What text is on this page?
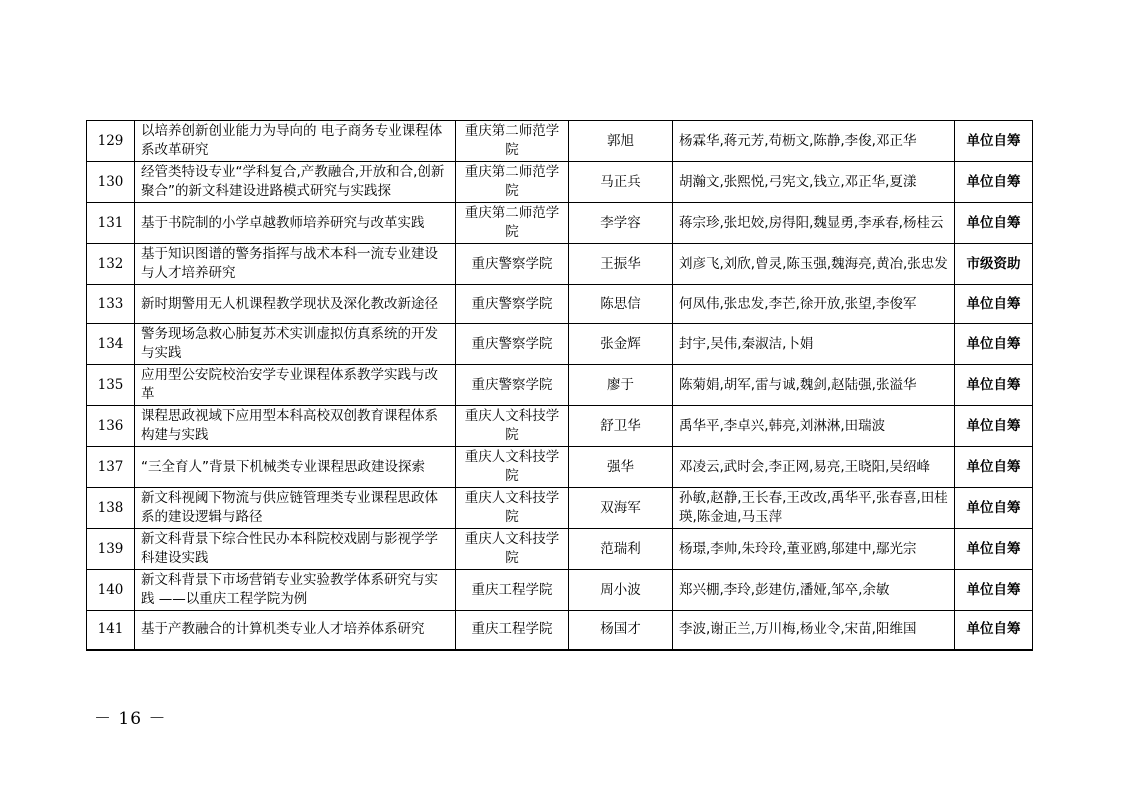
129	以培养创新创业能力为导向的 电子商务专业课程体系改革研究	重庆第二师范学院	郭旭	杨霖华,蒋元芳,苟枥文,陈静,李俊,邓正华	单位自筹
130	经管类特设专业“学科复合,产教融合,开放和合,创新聚合”的新文科建设进路模式研究与实践探	重庆第二师范学院	马正兵	胡瀚文,张熙悦,弓宪文,钱立,邓正华,夏漾	单位自筹
131	基于书院制的小学卓越教师培养研究与改革实践	重庆第二师范学院	李学容	蒋宗珍,张圯姣,房得阳,魏显勇,李承春,杨桂云	单位自筹
132	基于知识图谱的警务指挥与战术本科一流专业建设 与人才培养研究	重庆警察学院	王振华	刘彦飞,刘欣,曾灵,陈玉强,魏海亮,黄冶,张忠发	市级资助
133	新时期警用无人机课程教学现状及深化教改新途径	重庆警察学院	陈思信	何凤伟,张忠发,李芒,徐开放,张望,李俊军	单位自筹
134	警务现场急救心肺复苏术实训虚拟仿真系统的开发与实践	重庆警察学院	张金辉	封宇,吴伟,秦淑洁,卜娟	单位自筹
135	应用型公安院校治安学专业课程体系教学实践与改革	重庆警察学院	廖于	陈菊娟,胡军,雷与诚,魏剑,赵陆强,张溢华	单位自筹
136	课程思政视域下应用型本科高校双创教育课程体系构建与实践	重庆人文科技学院	舒卫华	禹华平,李卓兴,韩亮,刘淋淋,田瑞波	单位自筹
137	“三全育人”背景下机械类专业课程思政建设探索	重庆人文科技学院	强华	邓凌云,武时会,李正网,易亮,王晓阳,吴绍峰	单位自筹
138	新文科视阈下物流与供应链管理类专业课程思政体系的建设逻辑与路径	重庆人文科技学院	双海军	孙敏,赵静,王长春,王改改,禹华平,张春喜,田桂瑛,陈金迪,马玉萍	单位自筹
139	新文科背景下综合性民办本科院校戏剧与影视学学科建设实践	重庆人文科技学院	范瑞利	杨璟,李帅,朱玲玲,董亚鸥,邬建中,鄢光宗	单位自筹
140	新文科背景下市场营销专业实验教学体系研究与实践 ——以重庆工程学院为例	重庆工程学院	周小波	郑兴棚,李玲,彭建仿,潘娅,邹卒,余敏	单位自筹
141	基于产教融合的计算机类专业人才培养体系研究	重庆工程学院	杨国才	李波,谢正兰,万川梅,杨业令,宋苗,阳维国	单位自筹
－ 16 －
